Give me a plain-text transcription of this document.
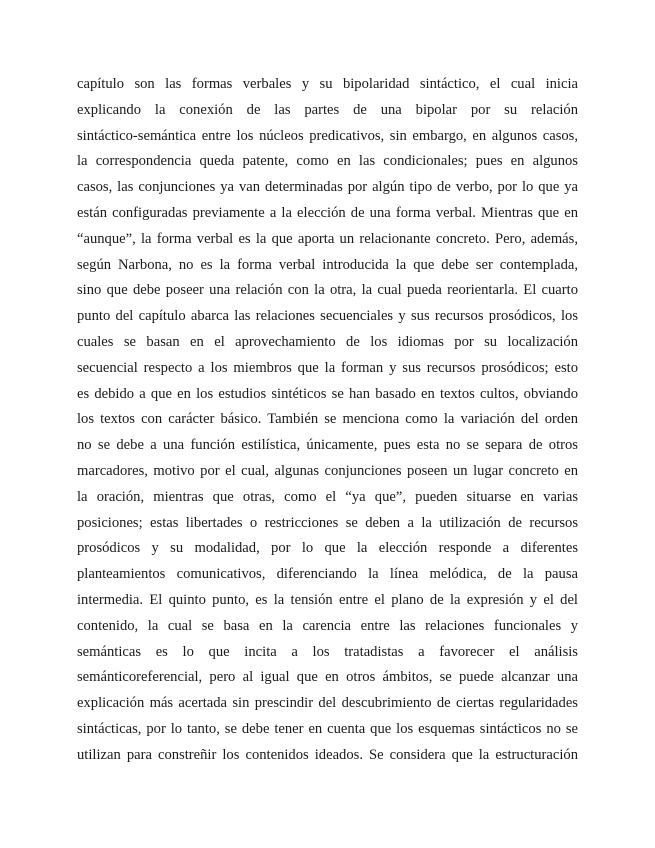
capítulo son las formas verbales y su bipolaridad sintáctico, el cual inicia
explicando la conexión de las partes de una bipolar por su relación
sintáctico-semántica entre los núcleos predicativos, sin embargo, en algunos casos,
la correspondencia queda patente, como en las condicionales; pues en algunos
casos, las conjunciones ya van determinadas por algún tipo de verbo, por lo que ya
están configuradas previamente a la elección de una forma verbal. Mientras que en
“aunque”, la forma verbal es la que aporta un relacionante concreto. Pero, además,
según Narbona, no es la forma verbal introducida la que debe ser contemplada,
sino que debe poseer una relación con la otra, la cual pueda reorientarla. El cuarto
punto del capítulo abarca las relaciones secuenciales y sus recursos prosódicos, los
cuales se basan en el aprovechamiento de los idiomas por su localización
secuencial respecto a los miembros que la forman y sus recursos prosódicos; esto
es debido a que en los estudios sintéticos se han basado en textos cultos, obviando
los textos con carácter básico. También se menciona como la variación del orden
no se debe a una función estilística, únicamente, pues esta no se separa de otros
marcadores, motivo por el cual, algunas conjunciones poseen un lugar concreto en
la oración, mientras que otras, como el “ya que”, pueden situarse en varias
posiciones; estas libertades o restricciones se deben a la utilización de recursos
prosódicos y su modalidad, por lo que la elección responde a diferentes
planteamientos comunicativos, diferenciando la línea melódica, de la pausa
intermedia. El quinto punto, es la tensión entre el plano de la expresión y el del
contenido, la cual se basa en la carencia entre las relaciones funcionales y
semánticas es lo que incita a los tratadistas a favorecer el análisis
semánticoreferencial, pero al igual que en otros ámbitos, se puede alcanzar una
explicación más acertada sin prescindir del descubrimiento de ciertas regularidades
sintácticas, por lo tanto, se debe tener en cuenta que los esquemas sintácticos no se
utilizan para constreñir los contenidos ideados. Se considera que la estructuración
